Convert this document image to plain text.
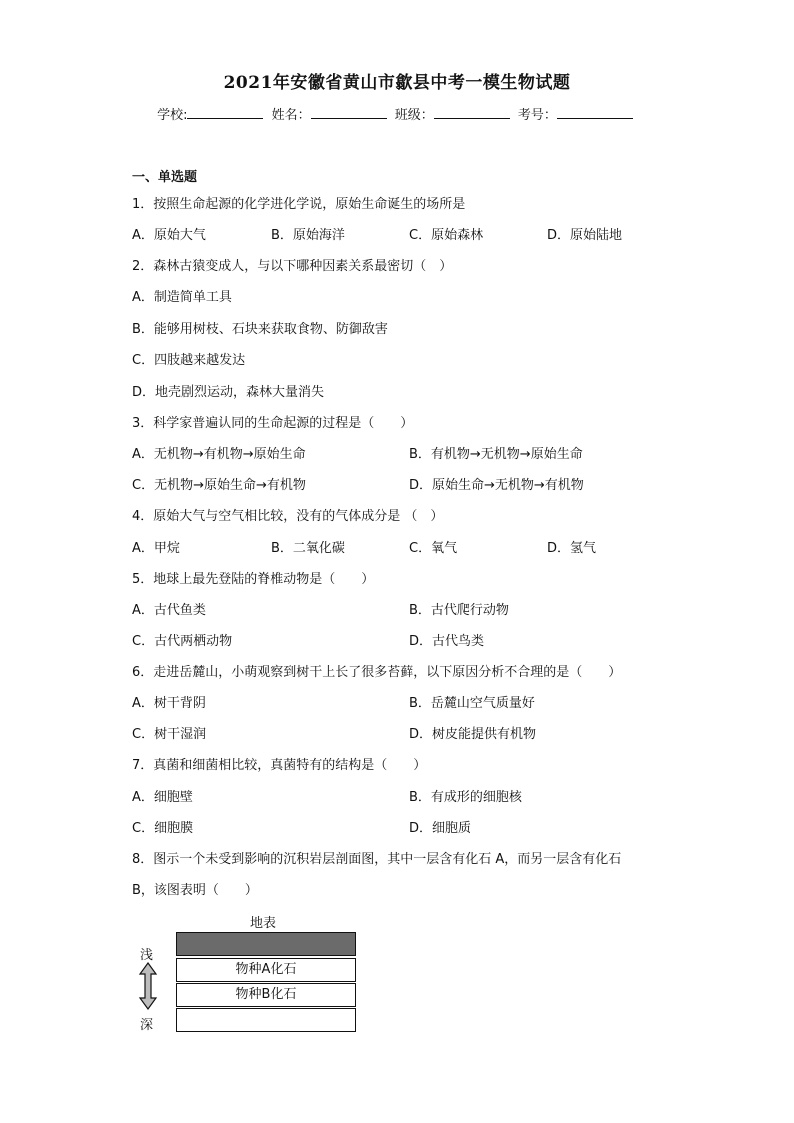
2021年安徽省黄山市歙县中考一模生物试题
学校:	姓名：	班级：	考号：
一、单选题
1．按照生命起源的化学进化学说，原始生命诞生的场所是
A．原始大气	B．原始海洋	C．原始森林	D．原始陆地
2．森林古猿变成人，与以下哪种因素关系最密切（　）
A．制造简单工具
B．能够用树枝、石块来获取食物、防御敌害
C．四肢越来越发达
D．地壳剧烈运动，森林大量消失
3．科学家普遍认同的生命起源的过程是（　　）
A．无机物→有机物→原始生命	B．有机物→无机物→原始生命
C．无机物→原始生命→有机物	D．原始生命→无机物→有机物
4．原始大气与空气相比较，没有的气体成分是 （　）
A．甲烷	B．二氧化碳	C．氧气	D．氢气
5．地球上最先登陆的脊椎动物是（　　）
A．古代鱼类	B．古代爬行动物
C．古代两栖动物	D．古代鸟类
6．走进岳麓山，小萌观察到树干上长了很多苔藓，以下原因分析不合理的是（　　）
A．树干背阴	B．岳麓山空气质量好
C．树干湿润	D．树皮能提供有机物
7．真菌和细菌相比较，真菌特有的结构是（　　）
A．细胞壁	B．有成形的细胞核
C．细胞膜	D．细胞质
8．图示一个未受到影响的沉积岩层剖面图，其中一层含有化石 A，而另一层含有化石
B，该图表明（　　）
地表
物种A化石
物种B化石
浅
深
